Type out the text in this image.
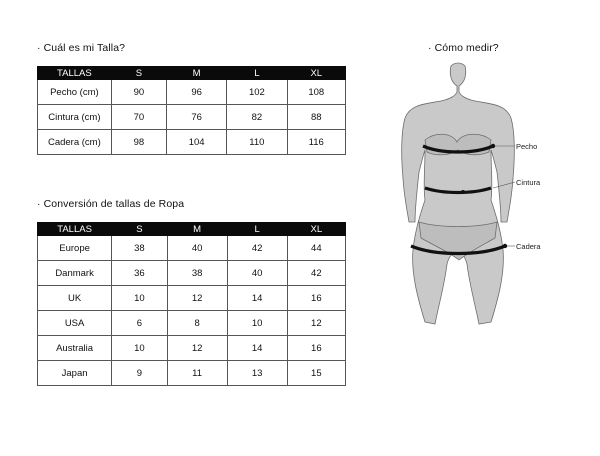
· Cuál es mi Talla?
TALLAS	S	M	L	XL
Pecho (cm)	90	96	102	108
Cintura (cm)	70	76	82	88
Cadera (cm)	98	104	110	116
· Conversión de tallas de Ropa
TALLAS	S	M	L	XL
Europe	38	40	42	44
Danmark	36	38	40	42
UK	10	12	14	16
USA	6	8	10	12
Australia	10	12	14	16
Japan	9	11	13	15
· Cómo medir?
Pecho
Cintura
Cadera
